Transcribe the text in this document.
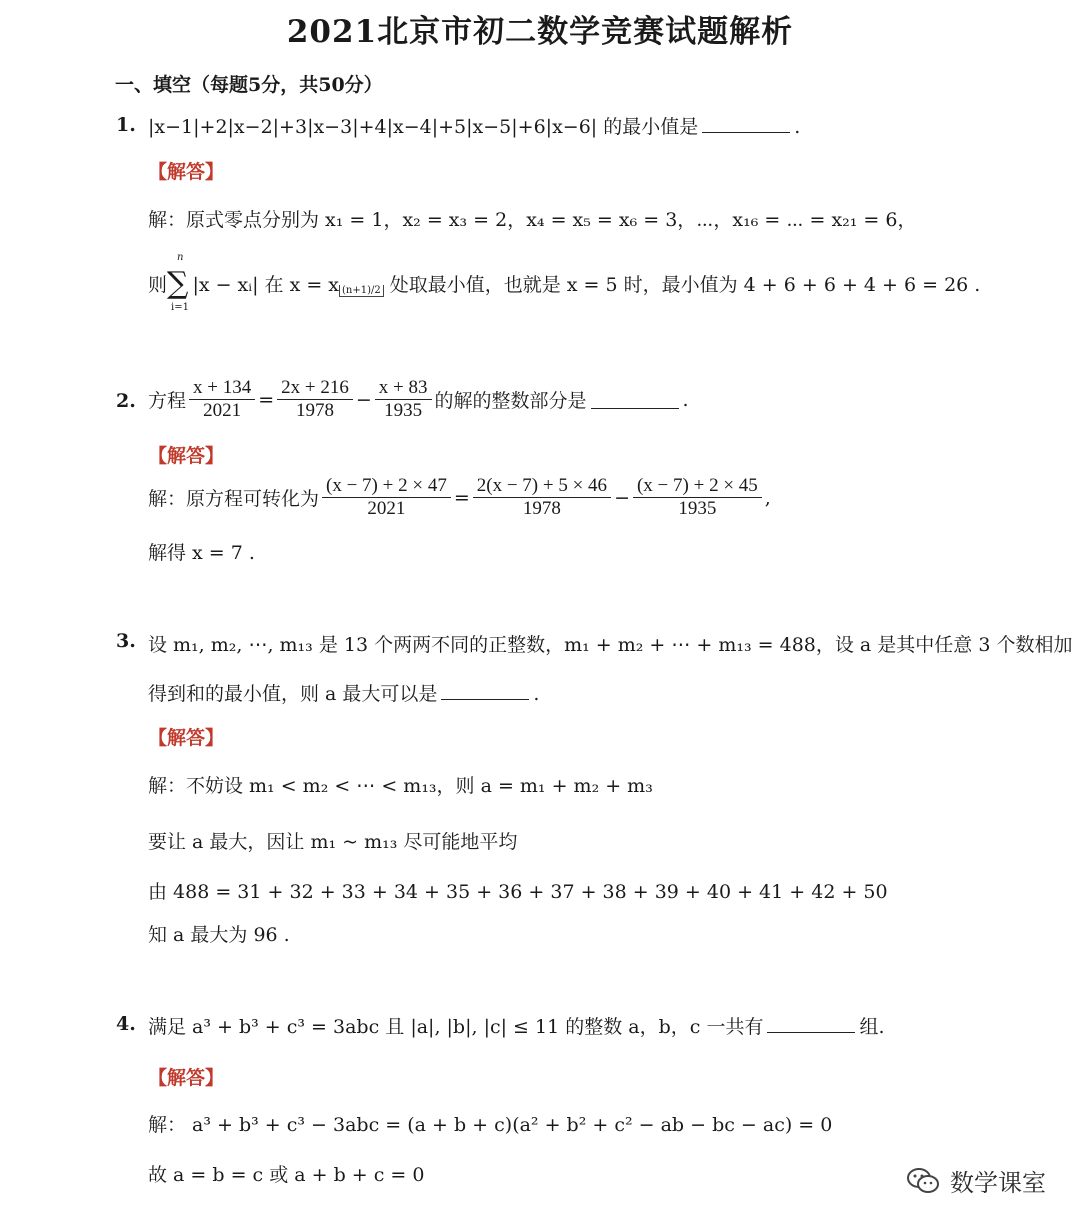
2021北京市初二数学竞赛试题解析
一、填空（每题5分，共50分）
1. |x−1|+2|x−2|+3|x−3|+4|x−4|+5|x−5|+6|x−6| 的最小值是	.
【解答】
解：原式零点分别为 x₁ = 1，x₂ = x₃ = 2，x₄ = x₅ = x₆ = 3，⋯，x₁₆ = ⋯ = x₂₁ = 6，
则
n
∑
i=1
|x − xᵢ| 在 x = x (n+1)/2 处取最小值，也就是 x = 5 时，最小值为 4 + 6 + 6 + 4 + 6 = 26 .
2. 方程 $\frac{x + 134}{2021} = \frac{2x + 216}{1978} - \frac{x + 83}{1935}$ 的解的整数部分是	.
【解答】
解：原方程可转化为 $\frac{(x - 7) + 2 \times 47}{2021} = \frac{2(x - 7) + 5 \times 46}{1978} - \frac{(x - 7) + 2 \times 45}{1935}$ ,
解得 x = 7 .
3. 设 m₁, m₂, ⋯, m₁₃ 是 13 个两两不同的正整数，m₁ + m₂ + ⋯ + m₁₃ = 488，设 a 是其中任意 3 个数相加
得到和的最小值，则 a 最大可以是	.
【解答】
解：不妨设 m₁ < m₂ < ⋯ < m₁₃，则 a = m₁ + m₂ + m₃
要让 a 最大，因让 m₁ ~ m₁₃ 尽可能地平均
由 488 = 31 + 32 + 33 + 34 + 35 + 36 + 37 + 38 + 39 + 40 + 41 + 42 + 50
知 a 最大为 96 .
4. 满足 a³ + b³ + c³ = 3abc 且 |a|, |b|, |c| ≤ 11 的整数 a，b，c 一共有	组.
【解答】
解： a³ + b³ + c³ − 3abc = (a + b + c)(a² + b² + c² − ab − bc − ac) = 0
故 a = b = c 或 a + b + c = 0	数学课室
